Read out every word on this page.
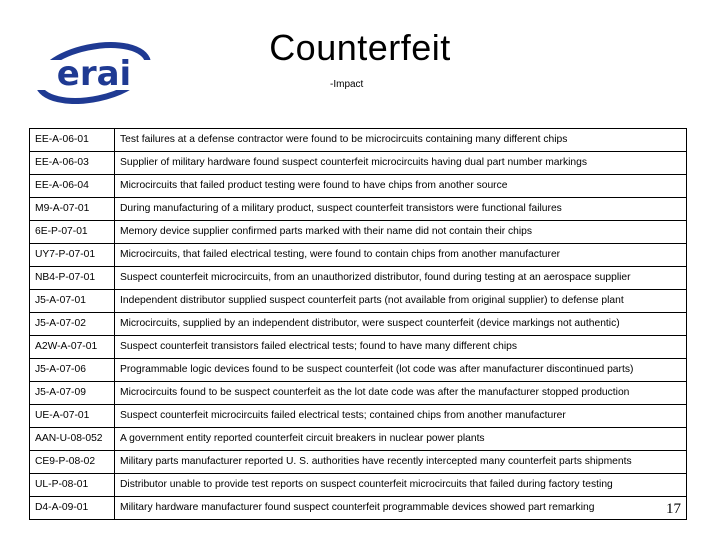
erai
Counterfeit
-Impact
EE-A-06-01	Test failures at a defense contractor were found to be microcircuits containing many different chips
EE-A-06-03	Supplier of military hardware found suspect counterfeit microcircuits having dual part number markings
EE-A-06-04	Microcircuits that failed product testing were found to have chips from another source
M9-A-07-01	During manufacturing of a military product, suspect counterfeit transistors were functional failures
6E-P-07-01	Memory device supplier confirmed parts marked with their name did not contain their chips
UY7-P-07-01	Microcircuits, that failed electrical testing, were found to contain chips from another manufacturer
NB4-P-07-01	Suspect counterfeit microcircuits, from an unauthorized distributor, found during testing at an aerospace supplier
J5-A-07-01	Independent distributor supplied suspect counterfeit parts (not available from original supplier) to defense plant
J5-A-07-02	Microcircuits, supplied by an independent distributor, were suspect counterfeit (device markings not authentic)
A2W-A-07-01	Suspect counterfeit transistors failed electrical tests; found to have many different chips
J5-A-07-06	Programmable logic devices found to be suspect counterfeit (lot code was after manufacturer discontinued parts)
J5-A-07-09	Microcircuits found to be suspect counterfeit as the lot date code was after the manufacturer stopped production
UE-A-07-01	Suspect counterfeit microcircuits failed electrical tests; contained chips from another manufacturer
AAN-U-08-052	A government entity reported counterfeit circuit breakers in nuclear power plants
CE9-P-08-02	Military parts manufacturer reported U. S. authorities have recently intercepted many counterfeit parts shipments
UL-P-08-01	Distributor unable to provide test reports on suspect counterfeit microcircuits that failed during factory testing
D4-A-09-01	Military hardware manufacturer found suspect counterfeit programmable devices showed part remarking	17
